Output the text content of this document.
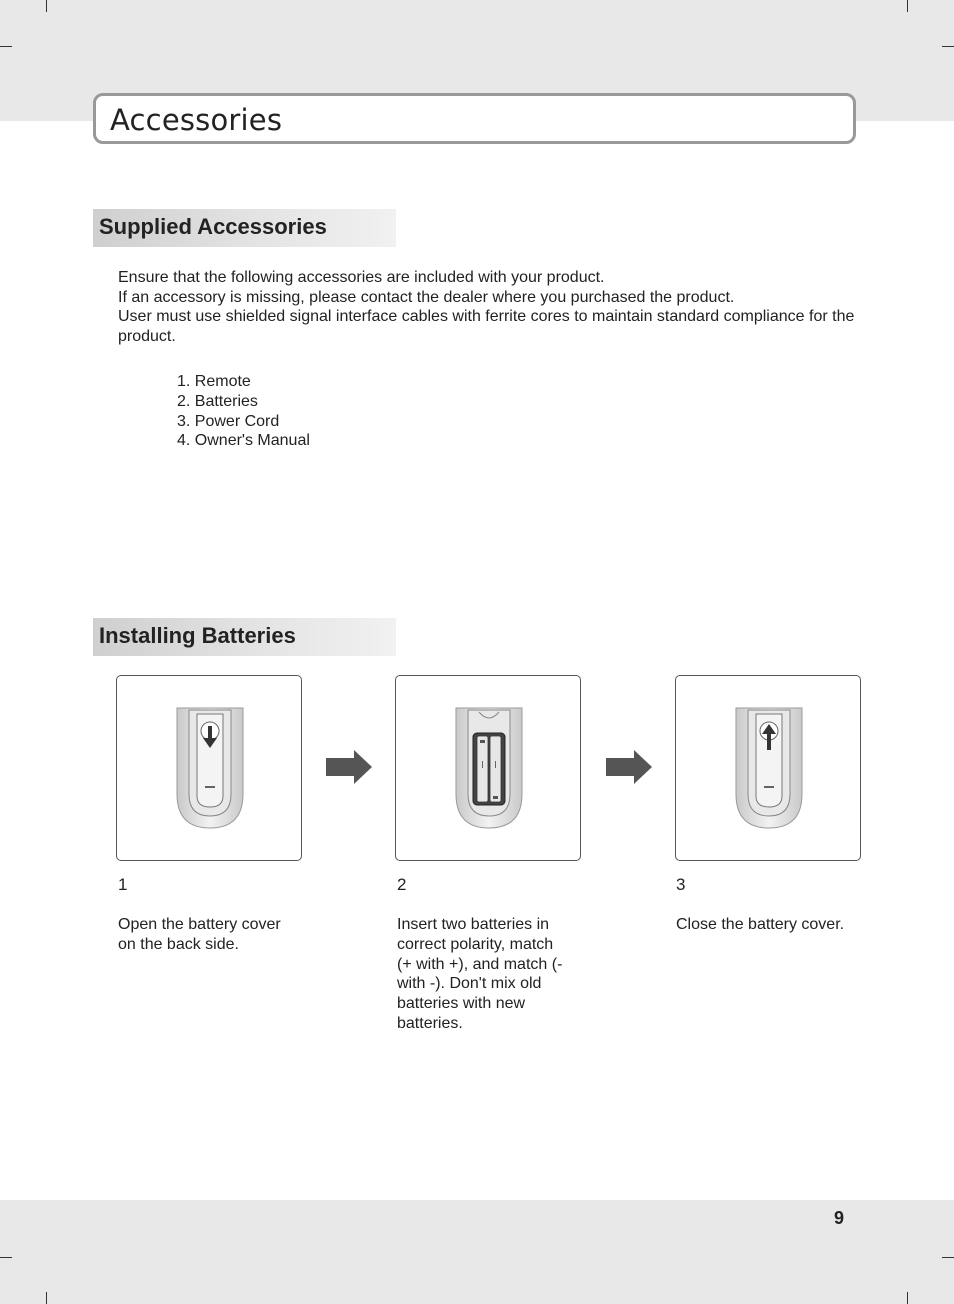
Accessories
Supplied Accessories

Ensure that the following accessories are included with your product.

If an accessory is missing, please contact the dealer where you purchased the product.

User must use shielded signal interface cables with ferrite cores to maintain standard compliance for the product.

1. Remote
2. Batteries
3. Power Cord
4. Owner's Manual
Installing Batteries
1	2	3

Open the battery cover on the back side.

Insert two batteries in correct polarity, match (+ with +), and match (- with -). Don't mix old batteries with new batteries.

Close the battery cover.

9
